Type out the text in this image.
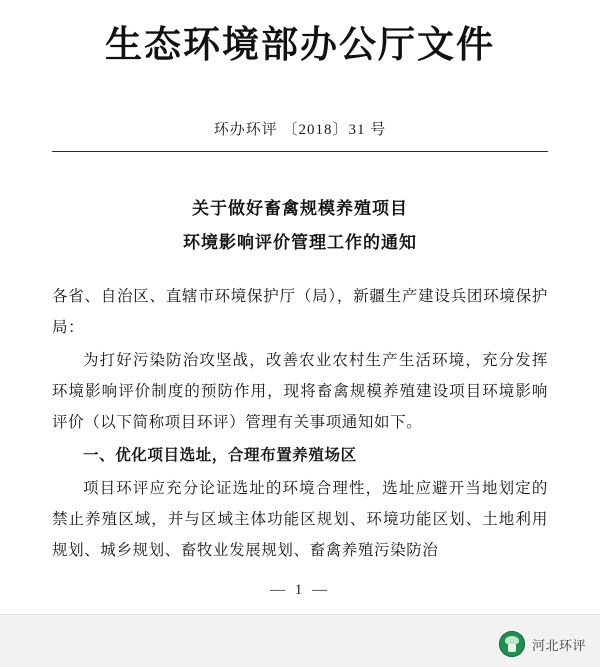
生态环境部办公厅文件
环办环评 〔2018〕31 号
关于做好畜禽规模养殖项目
环境影响评价管理工作的通知

各省、自治区、直辖市环境保护厅（局），新疆生产建设兵团环境保护局：

为打好污染防治攻坚战，改善农业农村生产生活环境，充分发挥环境影响评价制度的预防作用，现将畜禽规模养殖建设项目环境影响评价（以下简称项目环评）管理有关事项通知如下。

一、优化项目选址，合理布置养殖场区

项目环评应充分论证选址的环境合理性，选址应避开当地划定的禁止养殖区域，并与区域主体功能区规划、环境功能区划、土地利用规划、城乡规划、畜牧业发展规划、畜禽养殖污染防治

— 1 —
河北环评
